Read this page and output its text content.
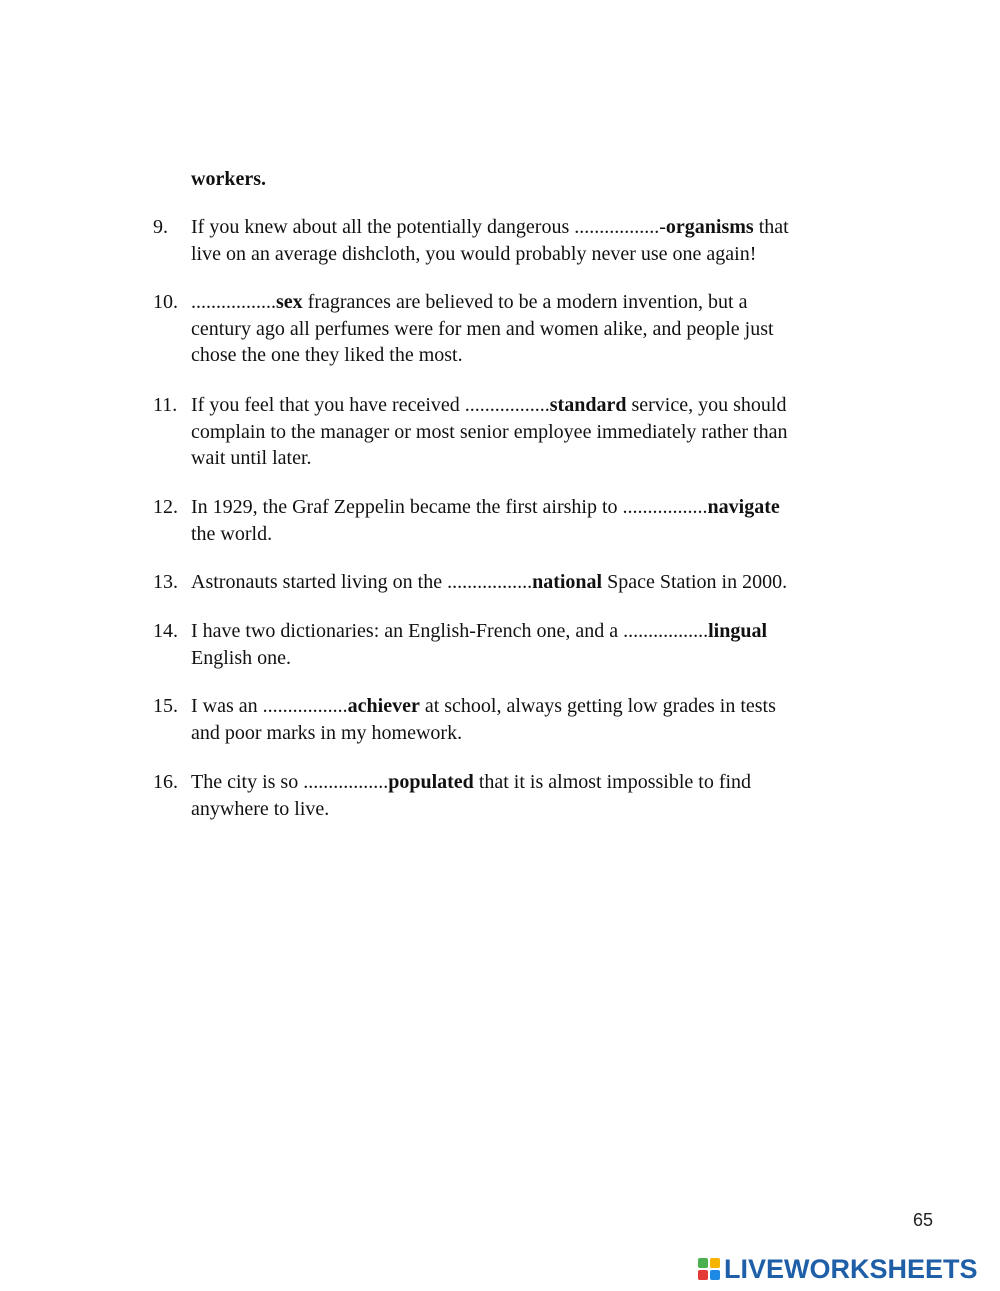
workers.
9.	If you knew about all the potentially dangerous .................-organisms that
live on an average dishcloth, you would probably never use one again!
10. .................sex fragrances are believed to be a modern invention, but a
century ago all perfumes were for men and women alike, and people just
chose the one they liked the most.
11. If you feel that you have received .................standard service, you should
complain to the manager or most senior employee immediately rather than
wait until later.
12. In 1929, the Graf Zeppelin became the first airship to .................navigate
the world.
13. Astronauts started living on the .................national Space Station in 2000.
14. I have two dictionaries: an English-French one, and a .................lingual
English one.
15. I was an .................achiever at school, always getting low grades in tests
and poor marks in my homework.
16. The city is so .................populated that it is almost impossible to find
anywhere to live.
65
LIVEWORKSHEETS
